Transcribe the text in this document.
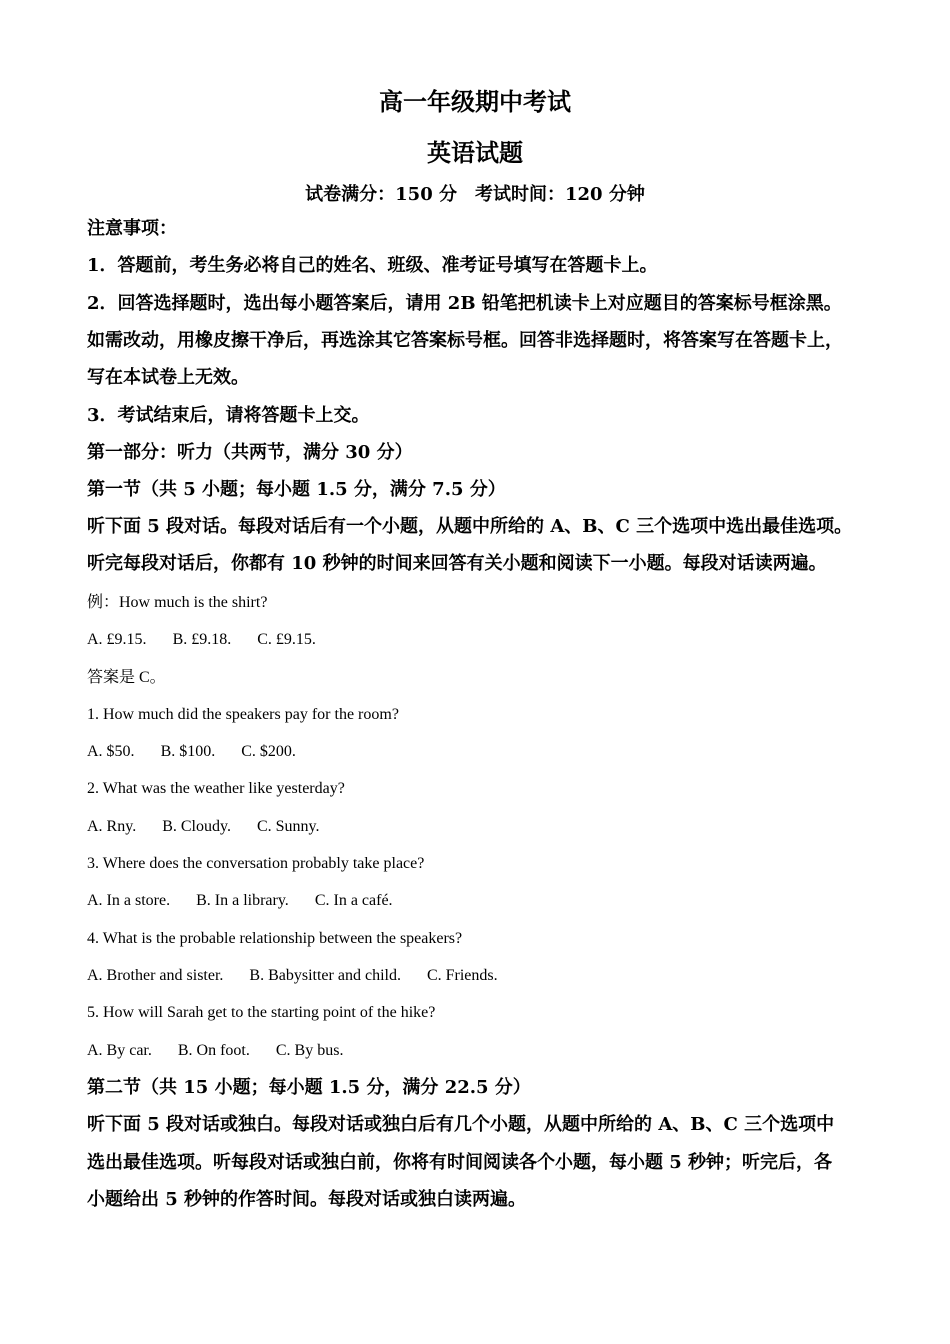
高一年级期中考试
英语试题
试卷满分：150 分　考试时间：120 分钟
注意事项：
1．答题前，考生务必将自己的姓名、班级、准考证号填写在答题卡上。
2．回答选择题时，选出每小题答案后，请用 2B 铅笔把机读卡上对应题目的答案标号框涂黑。
如需改动，用橡皮擦干净后，再选涂其它答案标号框。回答非选择题时，将答案写在答题卡上，
写在本试卷上无效。
3．考试结束后，请将答题卡上交。
第一部分：听力（共两节，满分 30 分）
第一节（共 5 小题；每小题 1.5 分，满分 7.5 分）
听下面 5 段对话。每段对话后有一个小题，从题中所给的 A、B、C 三个选项中选出最佳选项。
听完每段对话后，你都有 10 秒钟的时间来回答有关小题和阅读下一小题。每段对话读两遍。
例：How much is the shirt?
A. £9.15. B. £9.18. C. £9.15.
答案是 C。
1. How much did the speakers pay for the room?
A. $50. B. $100. C. $200.
2. What was the weather like yesterday?
A. Rny. B. Cloudy. C. Sunny.
3. Where does the conversation probably take place?
A. In a store. B. In a library. C. In a café.
4. What is the probable relationship between the speakers?
A. Brother and sister. B. Babysitter and child. C. Friends.
5. How will Sarah get to the starting point of the hike?
A. By car. B. On foot. C. By bus.
第二节（共 15 小题；每小题 1.5 分，满分 22.5 分）
听下面 5 段对话或独白。每段对话或独白后有几个小题，从题中所给的 A、B、C 三个选项中
选出最佳选项。听每段对话或独白前，你将有时间阅读各个小题，每小题 5 秒钟；听完后，各
小题给出 5 秒钟的作答时间。每段对话或独白读两遍。
